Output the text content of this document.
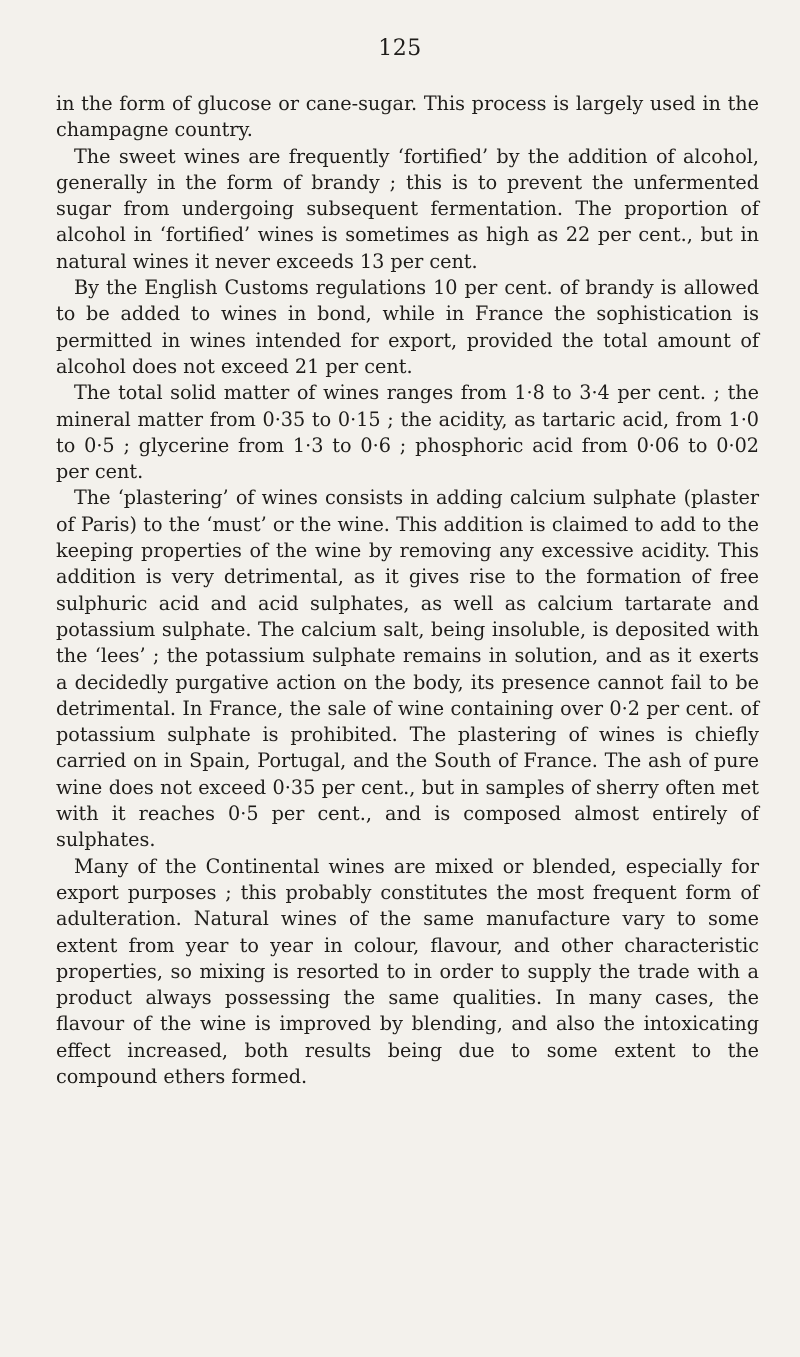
125

in the form of glucose or cane-sugar. This process is largely used in the champagne country.

The sweet wines are frequently ‘fortified’ by the addition of alcohol, generally in the form of brandy ; this is to prevent the unfermented sugar from undergoing subsequent fermentation. The proportion of alcohol in ‘fortified’ wines is sometimes as high as 22 per cent., but in natural wines it never exceeds 13 per cent.

By the English Customs regulations 10 per cent. of brandy is allowed to be added to wines in bond, while in France the sophistication is permitted in wines intended for export, provided the total amount of alcohol does not exceed 21 per cent.

The total solid matter of wines ranges from 1·8 to 3·4 per cent. ; the mineral matter from 0·35 to 0·15 ; the acidity, as tartaric acid, from 1·0 to 0·5 ; glycerine from 1·3 to 0·6 ; phosphoric acid from 0·06 to 0·02 per cent.

The ‘plastering’ of wines consists in adding calcium sulphate (plaster of Paris) to the ‘must’ or the wine. This addition is claimed to add to the keeping properties of the wine by removing any excessive acidity. This addition is very detrimental, as it gives rise to the formation of free sulphuric acid and acid sulphates, as well as calcium tartarate and potassium sulphate. The calcium salt, being insoluble, is deposited with the ‘lees’ ; the potassium sulphate remains in solution, and as it exerts a decidedly purgative action on the body, its presence cannot fail to be detrimental. In France, the sale of wine containing over 0·2 per cent. of potassium sulphate is prohibited. The plastering of wines is chiefly carried on in Spain, Portugal, and the South of France. The ash of pure wine does not exceed 0·35 per cent., but in samples of sherry often met with it reaches 0·5 per cent., and is composed almost entirely of sulphates.

Many of the Continental wines are mixed or blended, especially for export purposes ; this probably constitutes the most frequent form of adulteration. Natural wines of the same manufacture vary to some extent from year to year in colour, flavour, and other characteristic properties, so mixing is resorted to in order to supply the trade with a product always possessing the same qualities. In many cases, the flavour of the wine is improved by blending, and also the intoxicating effect increased, both results being due to some extent to the compound ethers formed.
